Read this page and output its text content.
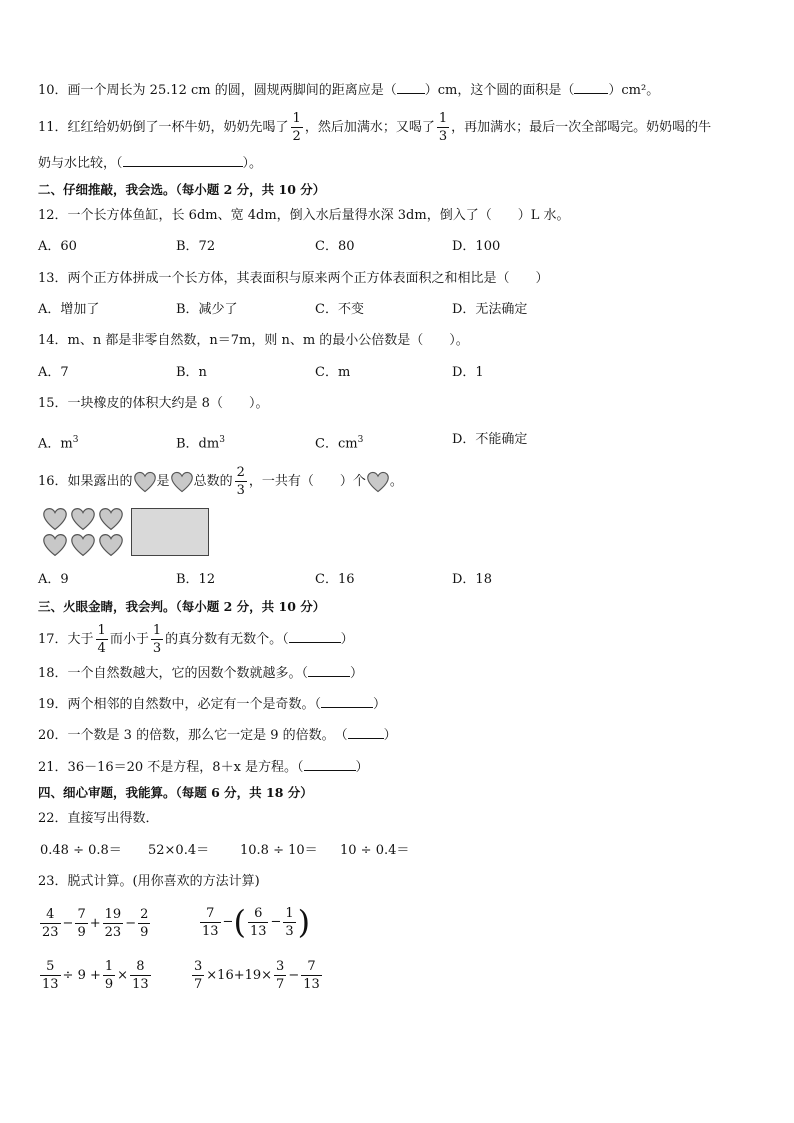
10．画一个周长为 25.12 cm 的圆，圆规两脚间的距离应是（ ）cm，这个圆的面积是（	）cm²。
11．红红给奶奶倒了一杯牛奶，奶奶先喝了 $\frac{1}{2}$ ，然后加满水；又喝了 $\frac{1}{3}$ ，再加满水；最后一次全部喝完。奶奶喝的牛
奶与水比较，（	）。
二、仔细推敲，我会选。（每小题 2 分，共 10 分）
12．一个长方体鱼缸，长 6dm、宽 4dm，倒入水后量得水深 3dm，倒入了（　　）L 水。
A．60	B．72	C．80	D．100
13．两个正方体拼成一个长方体，其表面积与原来两个正方体表面积之和相比是（　　）
A．增加了	B．减少了	C．不变	D．无法确定
14．m、n 都是非零自然数，n＝7m，则 n、m 的最小公倍数是（　　）。
A．7	B．n	C．m	D．1
15．一块橡皮的体积大约是 8（　　）。
A．$m^3$	B．$dm^3$	C．$cm^3$	D．不能确定
16．如果露出的 是 总数的 $\frac{2}{3}$ ，一共有（　　）个 。
A．9	B．12	C．16	D．18
三、火眼金睛，我会判。（每小题 2 分，共 10 分）
17．大于 $\frac{1}{4}$ 而小于 $\frac{1}{3}$ 的真分数有无数个。（	）
18．一个自然数越大，它的因数个数就越多。（	）
19．两个相邻的自然数中，必定有一个是奇数。（	）
20．一个数是 3 的倍数，那么它一定是 9 的倍数。　（	）
21．36－16＝20 不是方程，8＋x 是方程。（	）
四、细心审题，我能算。（每题 6 分，共 18 分）
22．直接写出得数．
0.48 ÷ 0.8＝ 52×0.4＝ 10.8 ÷ 10＝ 10 ÷ 0.4＝
23．脱式计算。(用你喜欢的方法计算)
$\frac{4}{23} - \frac{7}{9} + \frac{19}{23} - \frac{2}{9}$	$\frac{7}{13}$ −( $\frac{6}{13} - \frac{1}{3}$ )
$\frac{5}{13} \div 9 + \frac{1}{9} \times \frac{8}{13}$	$\frac{3}{7} \times 16+19\times \frac{3}{7} - \frac{7}{13}$
